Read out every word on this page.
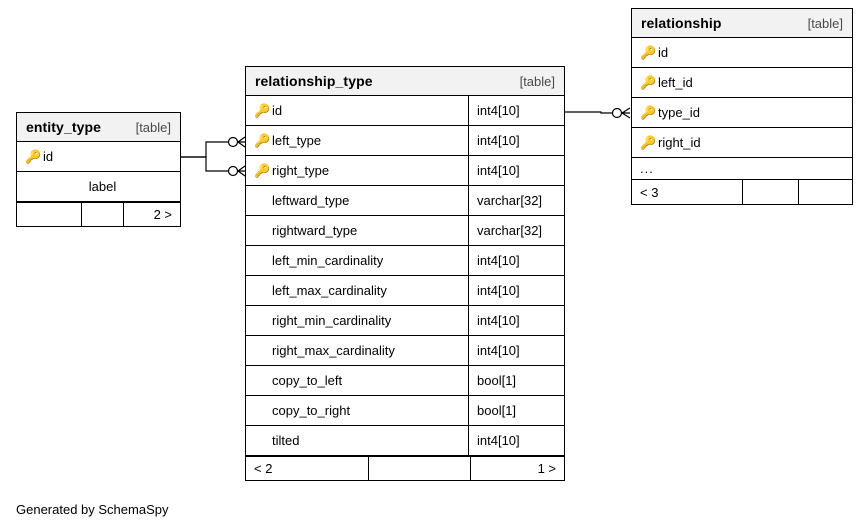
entity_type	[table]
🔑 id
label
2 >
relationship_type	[table]
🔑 id	int4[10]
🔑 left_type	int4[10]
🔑 right_type	int4[10]
leftward_type	varchar[32]
rightward_type	varchar[32]
left_min_cardinality	int4[10]
left_max_cardinality	int4[10]
right_min_cardinality	int4[10]
right_max_cardinality	int4[10]
copy_to_left	bool[1]
copy_to_right	bool[1]
tilted	int4[10]
< 2	1 >
relationship	[table]
🔑 id
🔑 left_id
🔑 type_id
🔑 right_id
...
< 3
Generated by SchemaSpy
